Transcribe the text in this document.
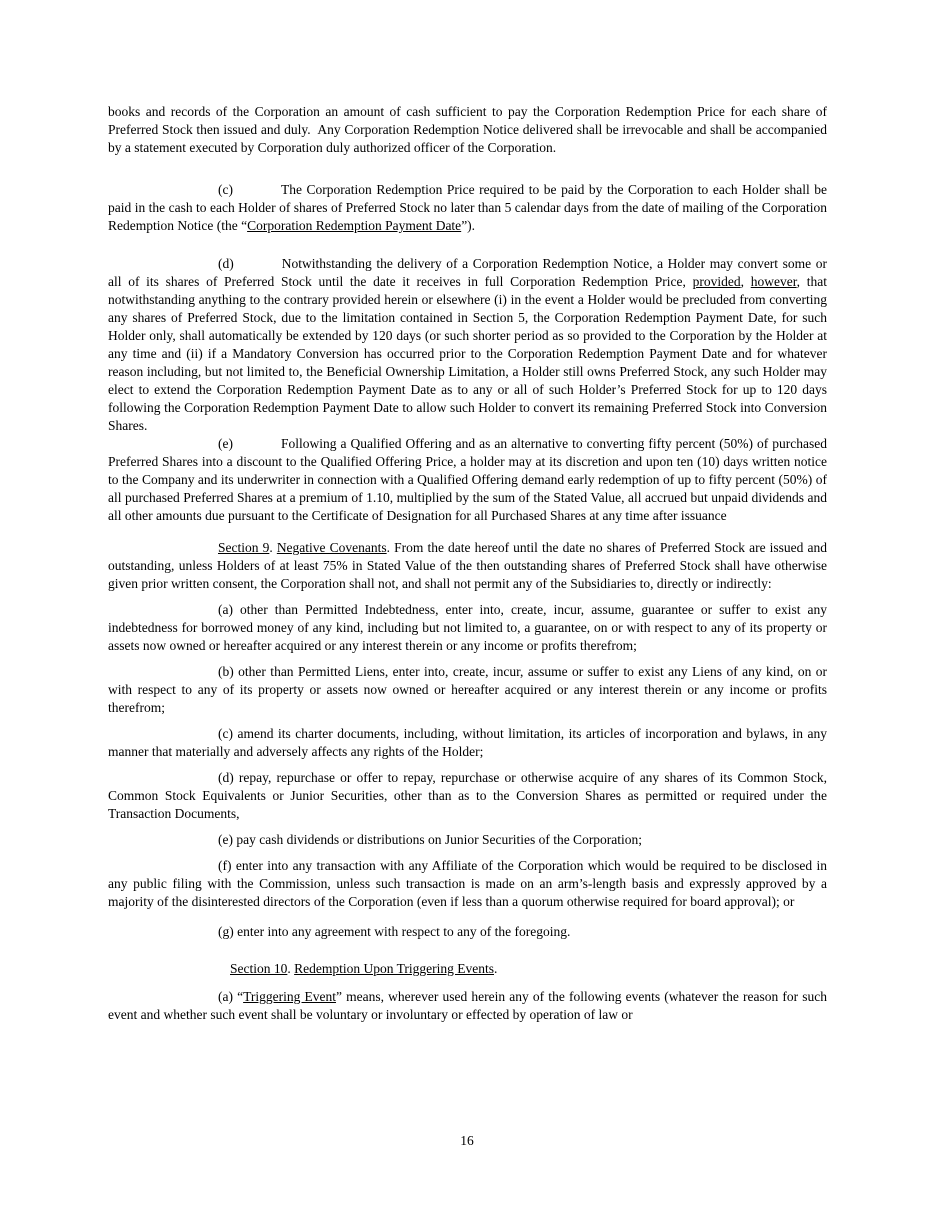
books and records of the Corporation an amount of cash sufficient to pay the Corporation Redemption Price for each share of Preferred Stock then issued and duly.  Any Corporation Redemption Notice delivered shall be irrevocable and shall be accompanied by a statement executed by Corporation duly authorized officer of the Corporation.

(c)	The Corporation Redemption Price required to be paid by the Corporation to each Holder shall be paid in the cash to each Holder of shares of Preferred Stock no later than 5 calendar days from the date of mailing of the Corporation Redemption Notice (the “Corporation Redemption Payment Date”).

(d)	Notwithstanding the delivery of a Corporation Redemption Notice, a Holder may convert some or all of its shares of Preferred Stock until the date it receives in full Corporation Redemption Price, provided, however, that notwithstanding anything to the contrary provided herein or elsewhere (i) in the event a Holder would be precluded from converting any shares of Preferred Stock, due to the limitation contained in Section 5, the Corporation Redemption Payment Date, for such Holder only, shall automatically be extended by 120 days (or such shorter period as so provided to the Corporation by the Holder at any time and (ii) if a Mandatory Conversion has occurred prior to the Corporation Redemption Payment Date and for whatever reason including, but not limited to, the Beneficial Ownership Limitation, a Holder still owns Preferred Stock, any such Holder may elect to extend the Corporation Redemption Payment Date as to any or all of such Holder’s Preferred Stock for up to 120 days following the Corporation Redemption Payment Date to allow such Holder to convert its remaining Preferred Stock into Conversion Shares.

(e)	Following a Qualified Offering and as an alternative to converting fifty percent (50%) of purchased Preferred Shares into a discount to the Qualified Offering Price, a holder may at its discretion and upon ten (10) days written notice to the Company and its underwriter in connection with a Qualified Offering demand early redemption of up to fifty percent (50%) of all purchased Preferred Shares at a premium of 1.10, multiplied by the sum of the Stated Value, all accrued but unpaid dividends and all other amounts due pursuant to the Certificate of Designation for all Purchased Shares at any time after issuance

Section 9. Negative Covenants. From the date hereof until the date no shares of Preferred Stock are issued and outstanding, unless Holders of at least 75% in Stated Value of the then outstanding shares of Preferred Stock shall have otherwise given prior written consent, the Corporation shall not, and shall not permit any of the Subsidiaries to, directly or indirectly:

(a) other than Permitted Indebtedness, enter into, create, incur, assume, guarantee or suffer to exist any indebtedness for borrowed money of any kind, including but not limited to, a guarantee, on or with respect to any of its property or assets now owned or hereafter acquired or any interest therein or any income or profits therefrom;

(b) other than Permitted Liens, enter into, create, incur, assume or suffer to exist any Liens of any kind, on or with respect to any of its property or assets now owned or hereafter acquired or any interest therein or any income or profits therefrom;

(c) amend its charter documents, including, without limitation, its articles of incorporation and bylaws, in any manner that materially and adversely affects any rights of the Holder;

(d) repay, repurchase or offer to repay, repurchase or otherwise acquire of any shares of its Common Stock, Common Stock Equivalents or Junior Securities, other than as to the Conversion Shares as permitted or required under the Transaction Documents,

(e) pay cash dividends or distributions on Junior Securities of the Corporation;

(f) enter into any transaction with any Affiliate of the Corporation which would be required to be disclosed in any public filing with the Commission, unless such transaction is made on an arm’s-length basis and expressly approved by a majority of the disinterested directors of the Corporation (even if less than a quorum otherwise required for board approval); or

(g) enter into any agreement with respect to any of the foregoing.

Section 10. Redemption Upon Triggering Events.

(a) “Triggering Event” means, wherever used herein any of the following events (whatever the reason for such event and whether such event shall be voluntary or involuntary or effected by operation of law or

16
